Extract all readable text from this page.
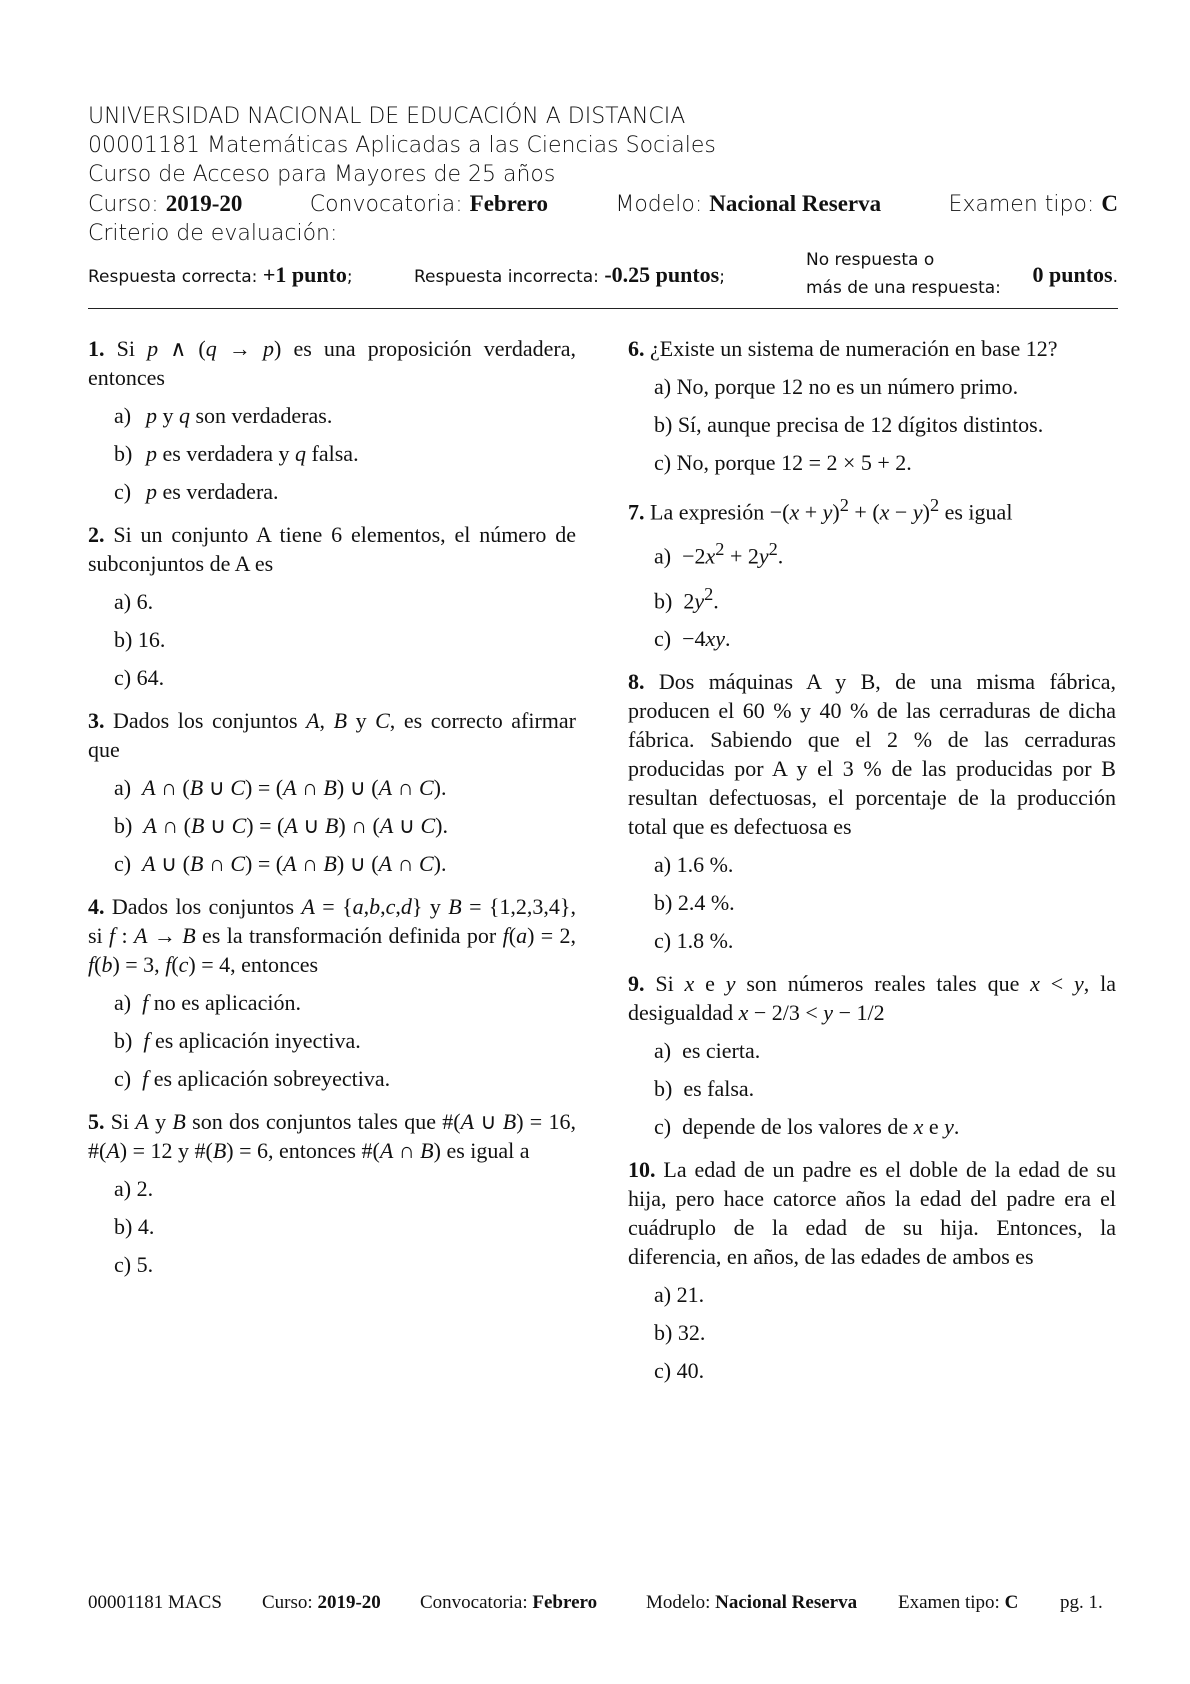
UNIVERSIDAD NACIONAL DE EDUCACIÓN A DISTANCIA
00001181 Matemáticas Aplicadas a las Ciencias Sociales
Curso de Acceso para Mayores de 25 años
Curso: 2019-20	Convocatoria: Febrero	Modelo: Nacional Reserva	Examen tipo: C
Criterio de evaluación:
Respuesta correcta: +1 punto;	Respuesta incorrecta: -0.25 puntos;
No respuesta o
más de una respuesta:
0 puntos.
1. Si p ∧ (q → p) es una proposición verdadera, entonces
a) p y q son verdaderas.
b) p es verdadera y q falsa.
c) p es verdadera.
2. Si un conjunto A tiene 6 elementos, el número de subconjuntos de A es
a) 6.
b) 16.
c) 64.
3. Dados los conjuntos A, B y C, es correcto afirmar que
a)  A ∩ (B ∪ C) = (A ∩ B) ∪ (A ∩ C).
b)  A ∩ (B ∪ C) = (A ∪ B) ∩ (A ∪ C).
c)  A ∪ (B ∩ C) = (A ∩ B) ∪ (A ∩ C).
4. Dados los conjuntos A = {a,b,c,d} y B = {1,2,3,4}, si f : A → B es la transformación definida por f(a) = 2, f(b) = 3, f(c) = 4, entonces
a)  f no es aplicación.
b)  f es aplicación inyectiva.
c)  f es aplicación sobreyectiva.
5. Si A y B son dos conjuntos tales que #(A ∪ B) = 16, #(A) = 12 y #(B) = 6, entonces #(A ∩ B) es igual a
a) 2.
b) 4.
c) 5.
6. ¿Existe un sistema de numeración en base 12?
a) No, porque 12 no es un número primo.
b) Sí, aunque precisa de 12 dígitos distintos.
c) No, porque 12 = 2 × 5 + 2.
7. La expresión $-(x + y)^2 + (x - y)^2$ es igual
$a) -2x^2 + 2y^2$.
b)  $2y^2$.
c)  −4xy.
8. Dos máquinas A y B, de una misma fábrica, producen el 60 % y 40 % de las cerraduras de dicha fábrica. Sabiendo que el 2 % de las cerraduras producidas por A y el 3 % de las producidas por B resultan defectuosas, el porcentaje de la producción total que es defectuosa es
a) 1.6 %.
b) 2.4 %.
c) 1.8 %.
9. Si x e y son números reales tales que x < y, la desigualdad x − 2/3 < y − 1/2
a)  es cierta.
b)  es falsa.
c)  depende de los valores de x e y.
10. La edad de un padre es el doble de la edad de su hija, pero hace catorce años la edad del padre era el cuádruplo de la edad de su hija. Entonces, la diferencia, en años, de las edades de ambos es
a) 21.
b) 32.
c) 40.
00001181 MACS Curso: 2019-20 Convocatoria: Febrero	Modelo: Nacional Reserva Examen tipo: C pg. 1.
